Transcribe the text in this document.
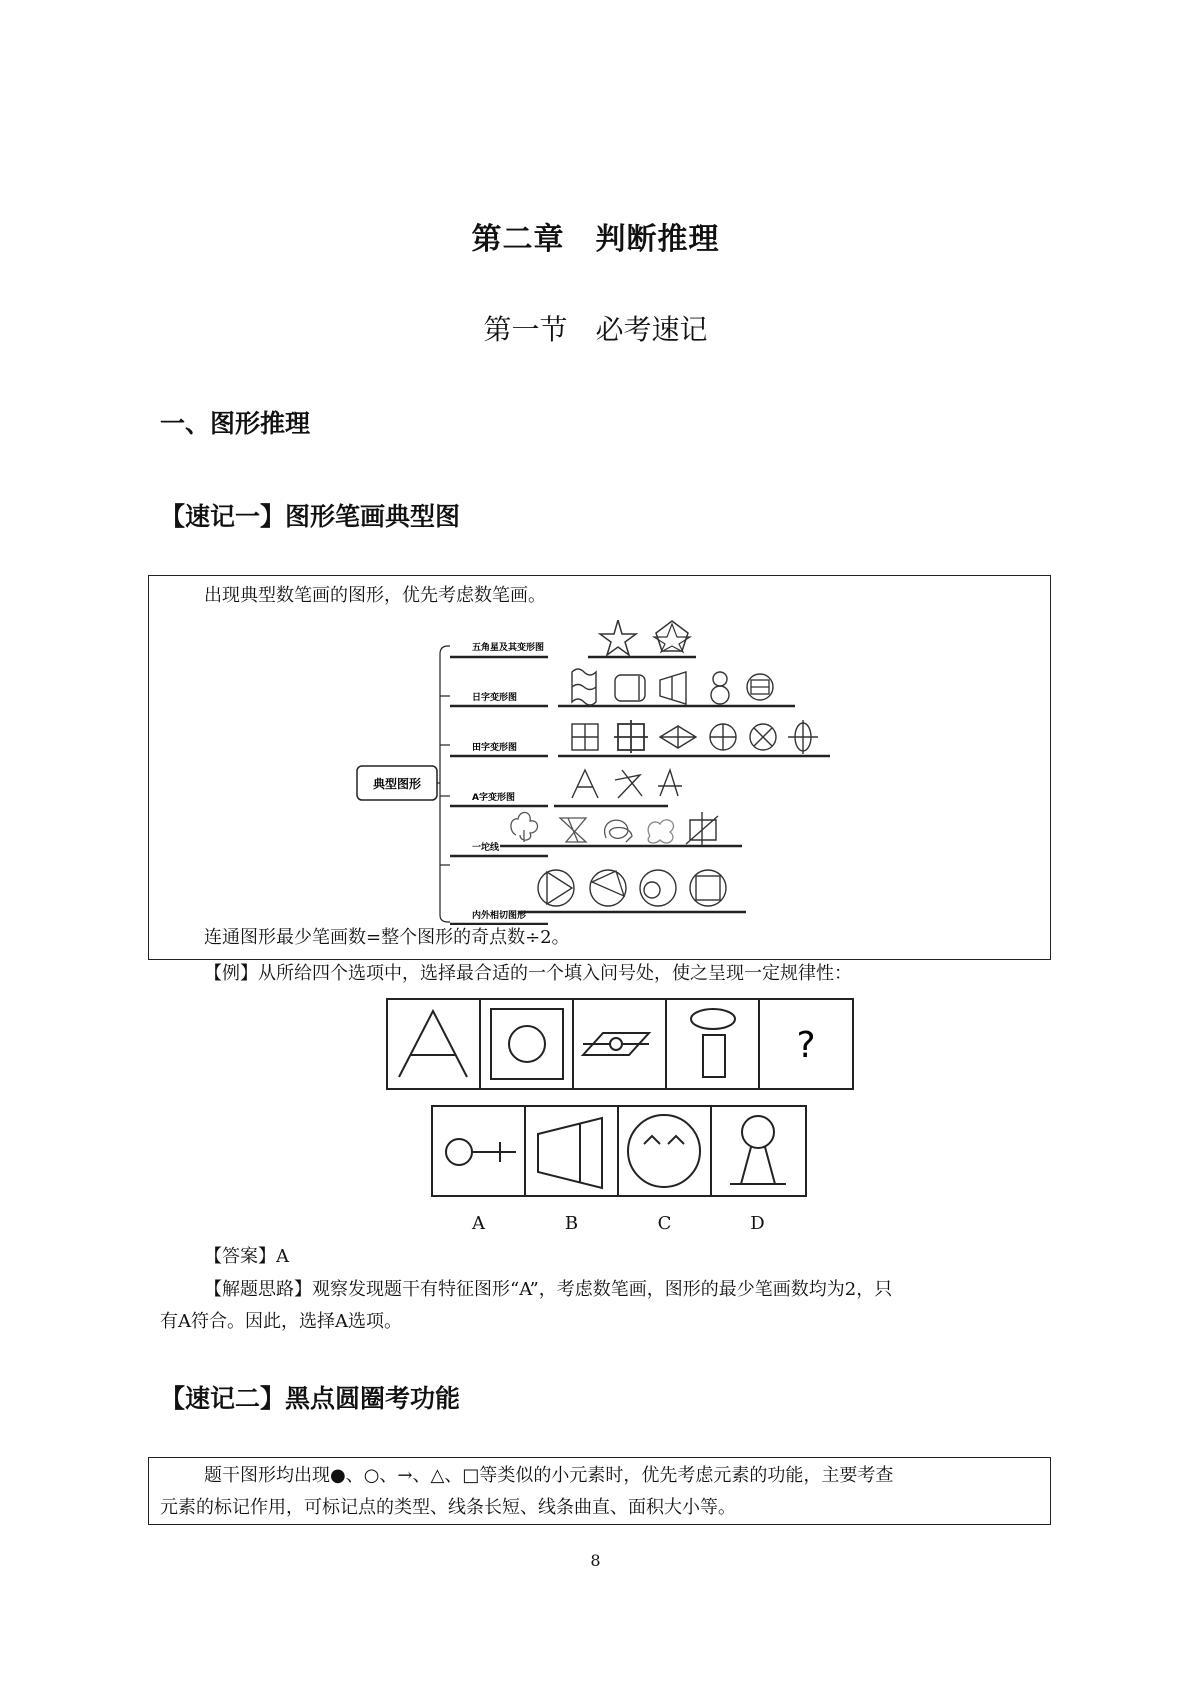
第二章　判断推理
第一节　必考速记
一、图形推理
【速记一】图形笔画典型图
出现典型数笔画的图形，优先考虑数笔画。
典型图形
五角星及其变形图
日字变形图
田字变形图
A字变形图
一坨线
内外相切图形
连通图形最少笔画数=整个图形的奇点数÷2。
【例】从所给四个选项中，选择最合适的一个填入问号处，使之呈现一定规律性：
?
A	B	C	D
【答案】A
【解题思路】观察发现题干有特征图形“A”，考虑数笔画，图形的最少笔画数均为2，只
有A符合。因此，选择A选项。
【速记二】黑点圆圈考功能
题干图形均出现●、○、→、△、□等类似的小元素时，优先考虑元素的功能，主要考查
元素的标记作用，可标记点的类型、线条长短、线条曲直、面积大小等。
8
